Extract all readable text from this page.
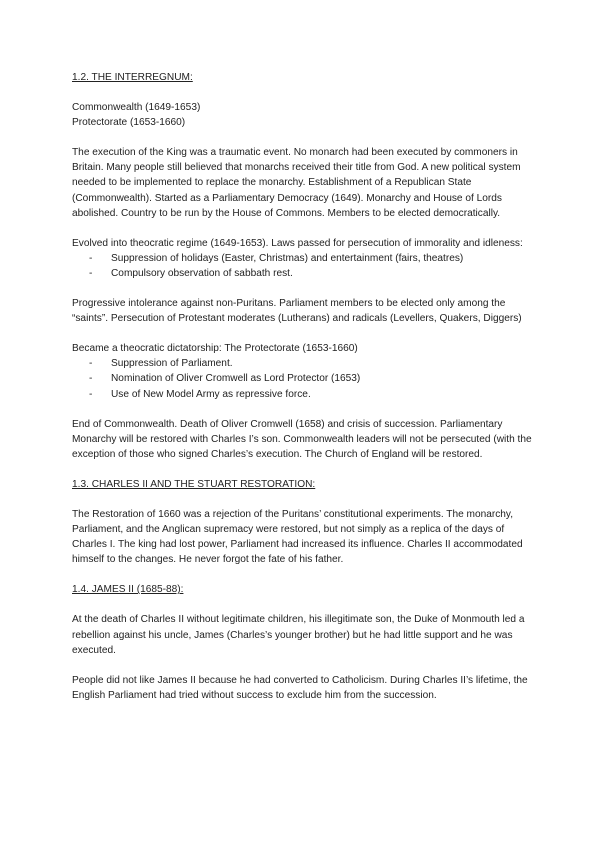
1.2. THE INTERREGNUM:

Commonwealth (1649-1653)
Protectorate (1653-1660)

The execution of the King was a traumatic event. No monarch had been executed by commoners in Britain. Many people still believed that monarchs received their title from God. A new political system needed to be implemented to replace the monarchy. Establishment of a Republican State (Commonwealth). Started as a Parliamentary Democracy (1649). Monarchy and House of Lords abolished. Country to be run by the House of Commons. Members to be elected democratically.

Evolved into theocratic regime (1649-1653). Laws passed for persecution of immorality and idleness:

- Suppression of holidays (Easter, Christmas) and entertainment (fairs, theatres)
- Compulsory observation of sabbath rest.

Progressive intolerance against non-Puritans. Parliament members to be elected only among the “saints”. Persecution of Protestant moderates (Lutherans) and radicals (Levellers, Quakers, Diggers)

Became a theocratic dictatorship: The Protectorate (1653-1660)

- Suppression of Parliament.
- Nomination of Oliver Cromwell as Lord Protector (1653)
- Use of New Model Army as repressive force.

End of Commonwealth. Death of Oliver Cromwell (1658) and crisis of succession. Parliamentary Monarchy will be restored with Charles I’s son. Commonwealth leaders will not be persecuted (with the exception of those who signed Charles’s execution. The Church of England will be restored.

1.3. CHARLES II AND THE STUART RESTORATION:

The Restoration of 1660 was a rejection of the Puritans’ constitutional experiments. The monarchy, Parliament, and the Anglican supremacy were restored, but not simply as a replica of the days of Charles I. The king had lost power, Parliament had increased its influence. Charles II accommodated himself to the changes. He never forgot the fate of his father.

1.4. JAMES II (1685-88):

At the death of Charles II without legitimate children, his illegitimate son, the Duke of Monmouth led a rebellion against his uncle, James (Charles’s younger brother) but he had little support and he was executed.

People did not like James II because he had converted to Catholicism. During Charles II’s lifetime, the English Parliament had tried without success to exclude him from the succession.
